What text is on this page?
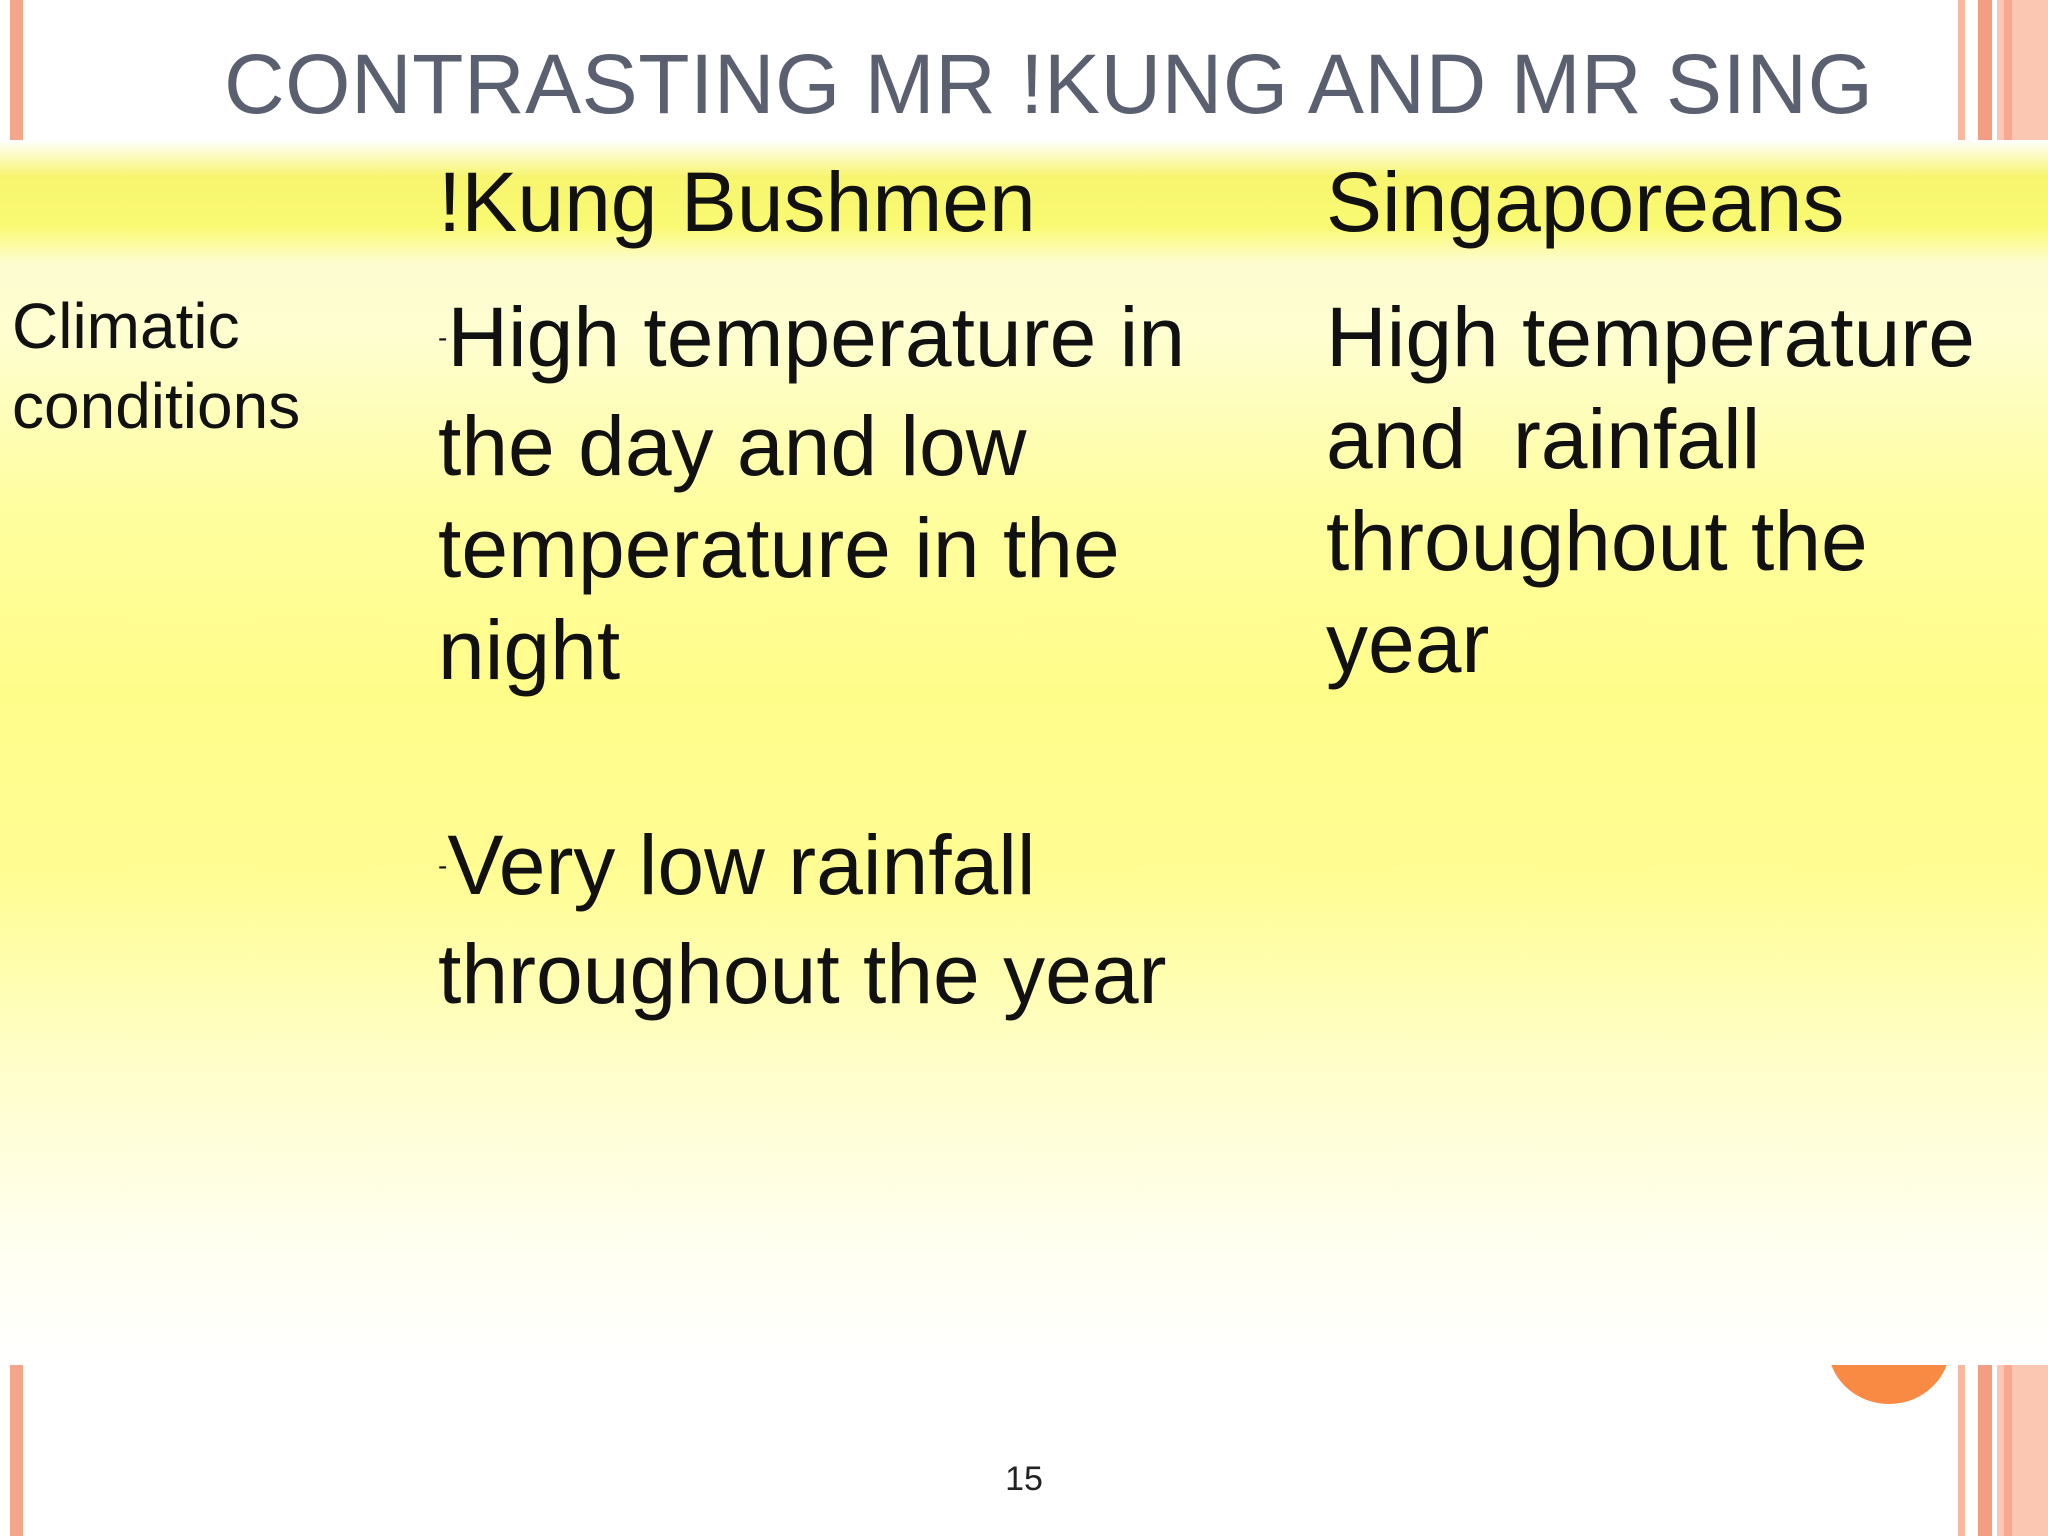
CONTRASTING MR !KUNG AND MR SING
!Kung Bushmen	Singaporeans
Climatic
conditions
-High temperature in
the day and low
temperature in the
night
-Very low rainfall
throughout the year
High temperature
and  rainfall
throughout the
year
15
